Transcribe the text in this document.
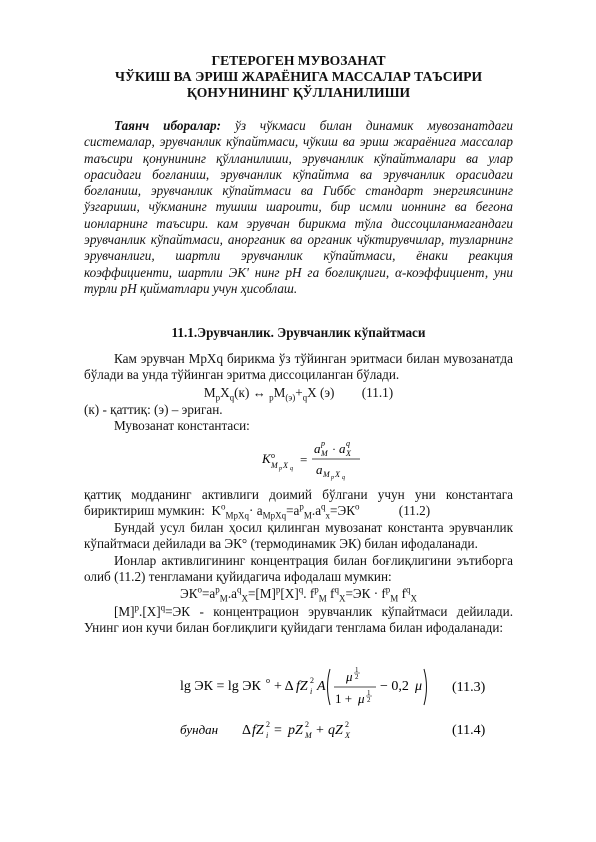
ГЕТЕРОГЕН МУВОЗАНАТ
ЧЎКИШ ВА ЭРИШ ЖАРАЁНИГА МАССАЛАР ТАЪСИРИ
ҚОНУНИНИНГ ҚЎЛЛАНИЛИШИ
Таянч иборалар: ўз чўкмаси билан динамик мувозанатдаги системалар, эрувчанлик кўпайтмаси, чўкиш ва эриш жараёнига массалар таъсири қонунининг қўлланилиши, эрувчанлик кўпайтмалари ва улар орасидаги боғланиш, эрувчанлик кўпайтма ва эрувчанлик орасидаги боғланиш, эрувчанлик кўпайтмаси ва Гиббс стандарт энергиясининг ўзгариши, чўкманинг тушиш шароити, бир исмли ионнинг ва бегона ионларнинг таъсири. кам эрувчан бирикма тўла диссоциланмагандаги эрувчанлик кўпайтмаси, анорганик ва органик чўктирувчилар, тузларнинг эрувчанлиги, шартли эрувчанлик кўпайтмаси, ёнаки реакция коэффициенти, шартли ЭК' нинг рН га боғлиқлиги, α-коэффициент, уни турли рН қийматлари учун ҳисоблаш.
11.1.Эрувчанлик. Эрувчанлик кўпайтмаси
Кам эрувчан MpXq бирикма ўз тўйинган эритмаси билан мувозанатда бўлади ва унда тўйинган эритма диссоциланган бўлади.
$M_pX_q(к)$ ↔ $_pM_{(э)}+_qX$ (э) (11.1)
(к) - қаттиқ: (э) – эриган.
Мувозанат константаси:
K o
M p X q
=
a p
M · a q
X
a M p X q
қаттиқ модданинг активлиги доимий бўлгани учун уни константага бириктириш мумкин:  $K^o_{MpXq}\cdot a_{MpXq}=a^p_M.a^q_x=ЭК^o$	(11.2)
Бундай усул билан ҳосил қилинган мувозанат константа эрувчанлик кўпайтмаси дейилади ва ЭК° (термодинамик ЭК) билан ифодаланади.
Ионлар активлигининг концентрация билан боғлиқлигини эътиборга олиб (11.2) тенгламани қуйидагича ифодалаш мумкин:
$ЭК^o=a^p_M.a^q_X=[M]^p[X]^q$. $f^p_M$ $f^q_X=ЭК \cdot f^p_M$ $f^q_X$
$[M]^p.[X]^q=ЭК$ - концентрацион эрувчанлик кўпайтмаси дейилади. Унинг ион кучи билан боғлиқлиги қуйидаги тенглама билан ифодаланади:
lg ЭК = lg ЭК o + Δ fZ 2
i A
μ 1
2
1 + μ 1
2
− 0,2 μ (11.3)
бундан Δ fZ 2
i = pZ 2
M + qZ 2
X	(11.4)
